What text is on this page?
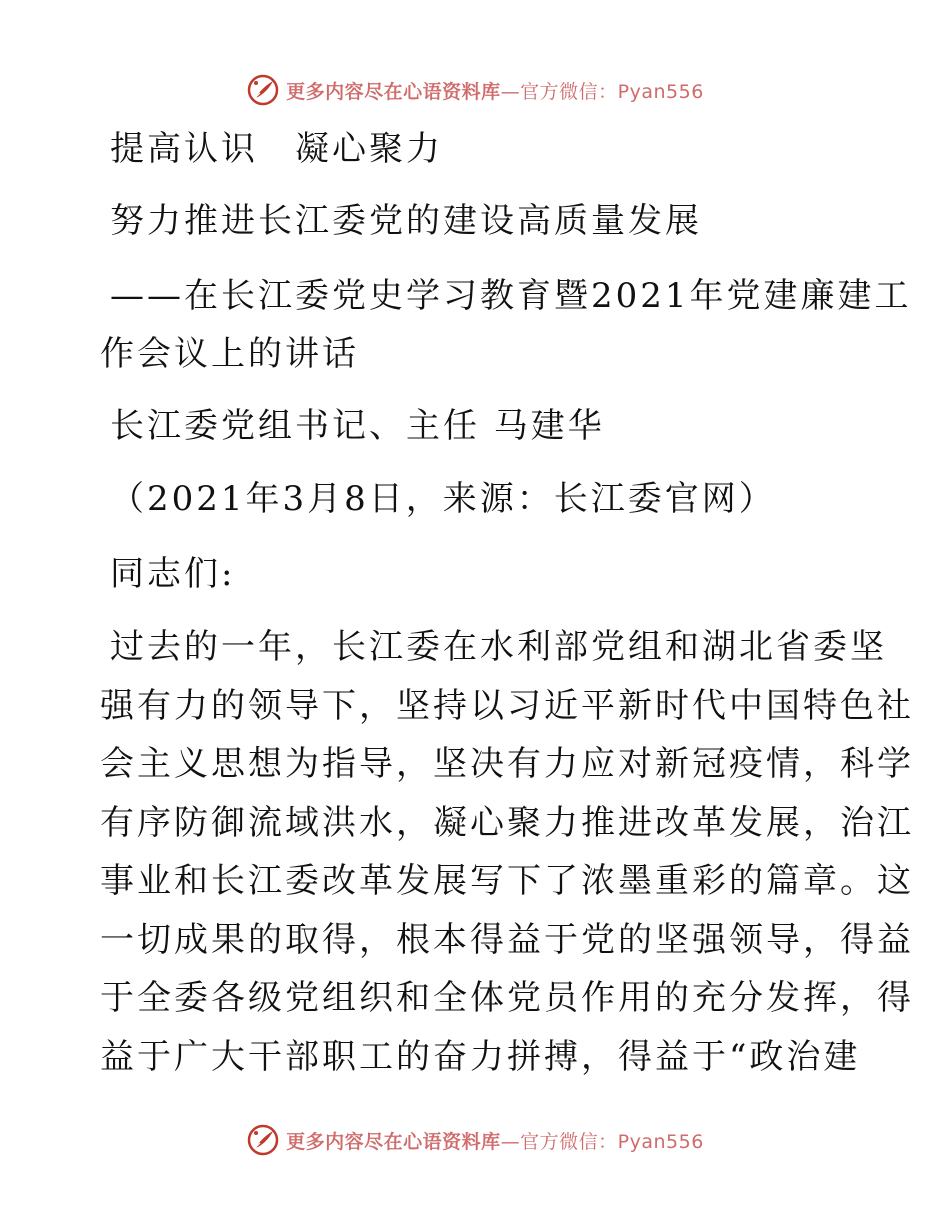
更多内容尽在心语资料库—官方微信：Pyan556
提高认识　凝心聚力
努力推进长江委党的建设高质量发展
——在长江委党史学习教育暨2021年党建廉建工
作会议上的讲话
长江委党组书记、主任 马建华
（2021年3月8日，来源：长江委官网）
同志们:
过去的一年，长江委在水利部党组和湖北省委坚
强有力的领导下，坚持以习近平新时代中国特色社
会主义思想为指导，坚决有力应对新冠疫情，科学
有序防御流域洪水，凝心聚力推进改革发展，治江
事业和长江委改革发展写下了浓墨重彩的篇章。这
一切成果的取得，根本得益于党的坚强领导，得益
于全委各级党组织和全体党员作用的充分发挥，得
益于广大干部职工的奋力拼搏，得益于“政治建
更多内容尽在心语资料库—官方微信：Pyan556
